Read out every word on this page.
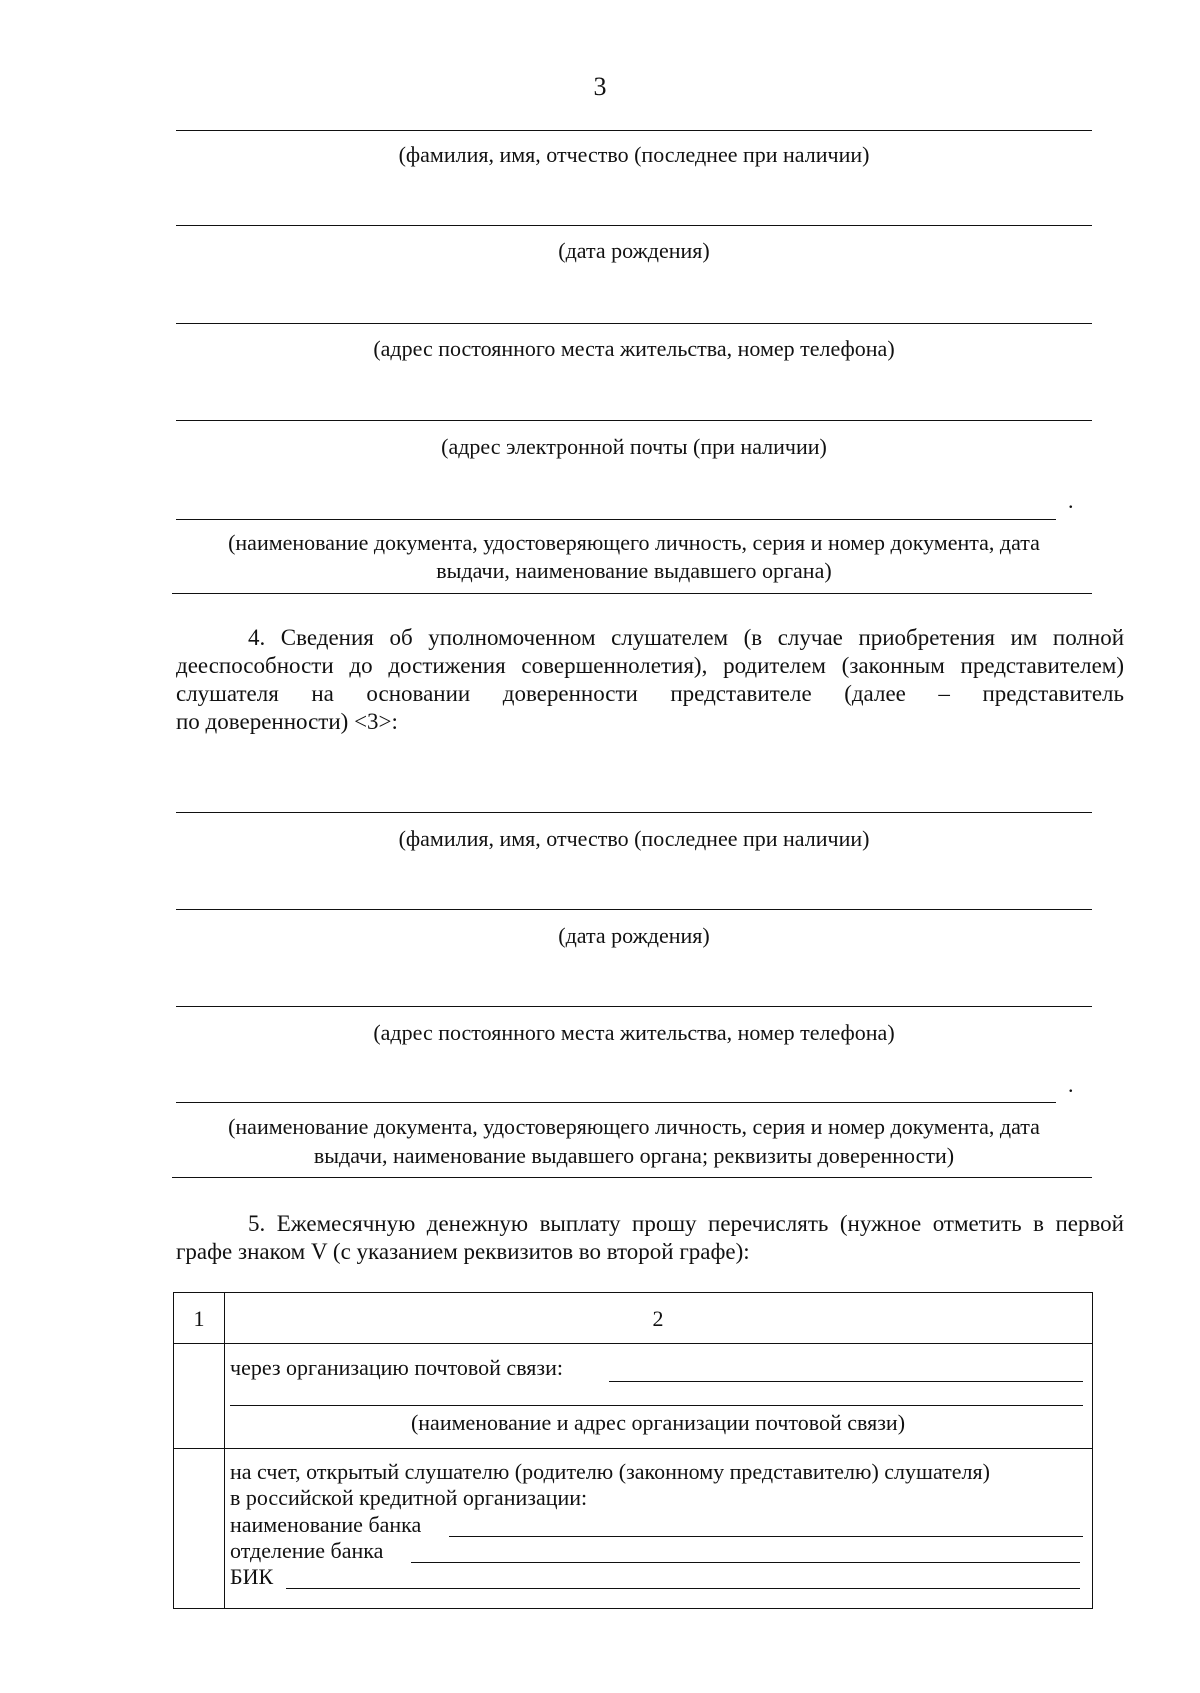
3
(фамилия, имя, отчество (последнее при наличии)
(дата рождения)
(адрес постоянного места жительства, номер телефона)
(адрес электронной почты (при наличии)
.
(наименование документа, удостоверяющего личность, серия и номер документа, дата
выдачи, наименование выдавшего органа)
4. Сведения об уполномоченном слушателем (в случае приобретения им полной
дееспособности до достижения совершеннолетия), родителем (законным представителем)
слушателя на основании доверенности представителе (далее – представитель
по доверенности) <3>:
(фамилия, имя, отчество (последнее при наличии)
(дата рождения)
(адрес постоянного места жительства, номер телефона)
.
(наименование документа, удостоверяющего личность, серия и номер документа, дата
выдачи, наименование выдавшего органа; реквизиты доверенности)
5. Ежемесячную денежную выплату прошу перечислять (нужное отметить в первой
графе знаком V (с указанием реквизитов во второй графе):
1	2
через организацию почтовой связи:
(наименование и адрес организации почтовой связи)
на счет, открытый слушателю (родителю (законному представителю) слушателя)
в российской кредитной организации:
наименование банка
отделение банка
БИК
